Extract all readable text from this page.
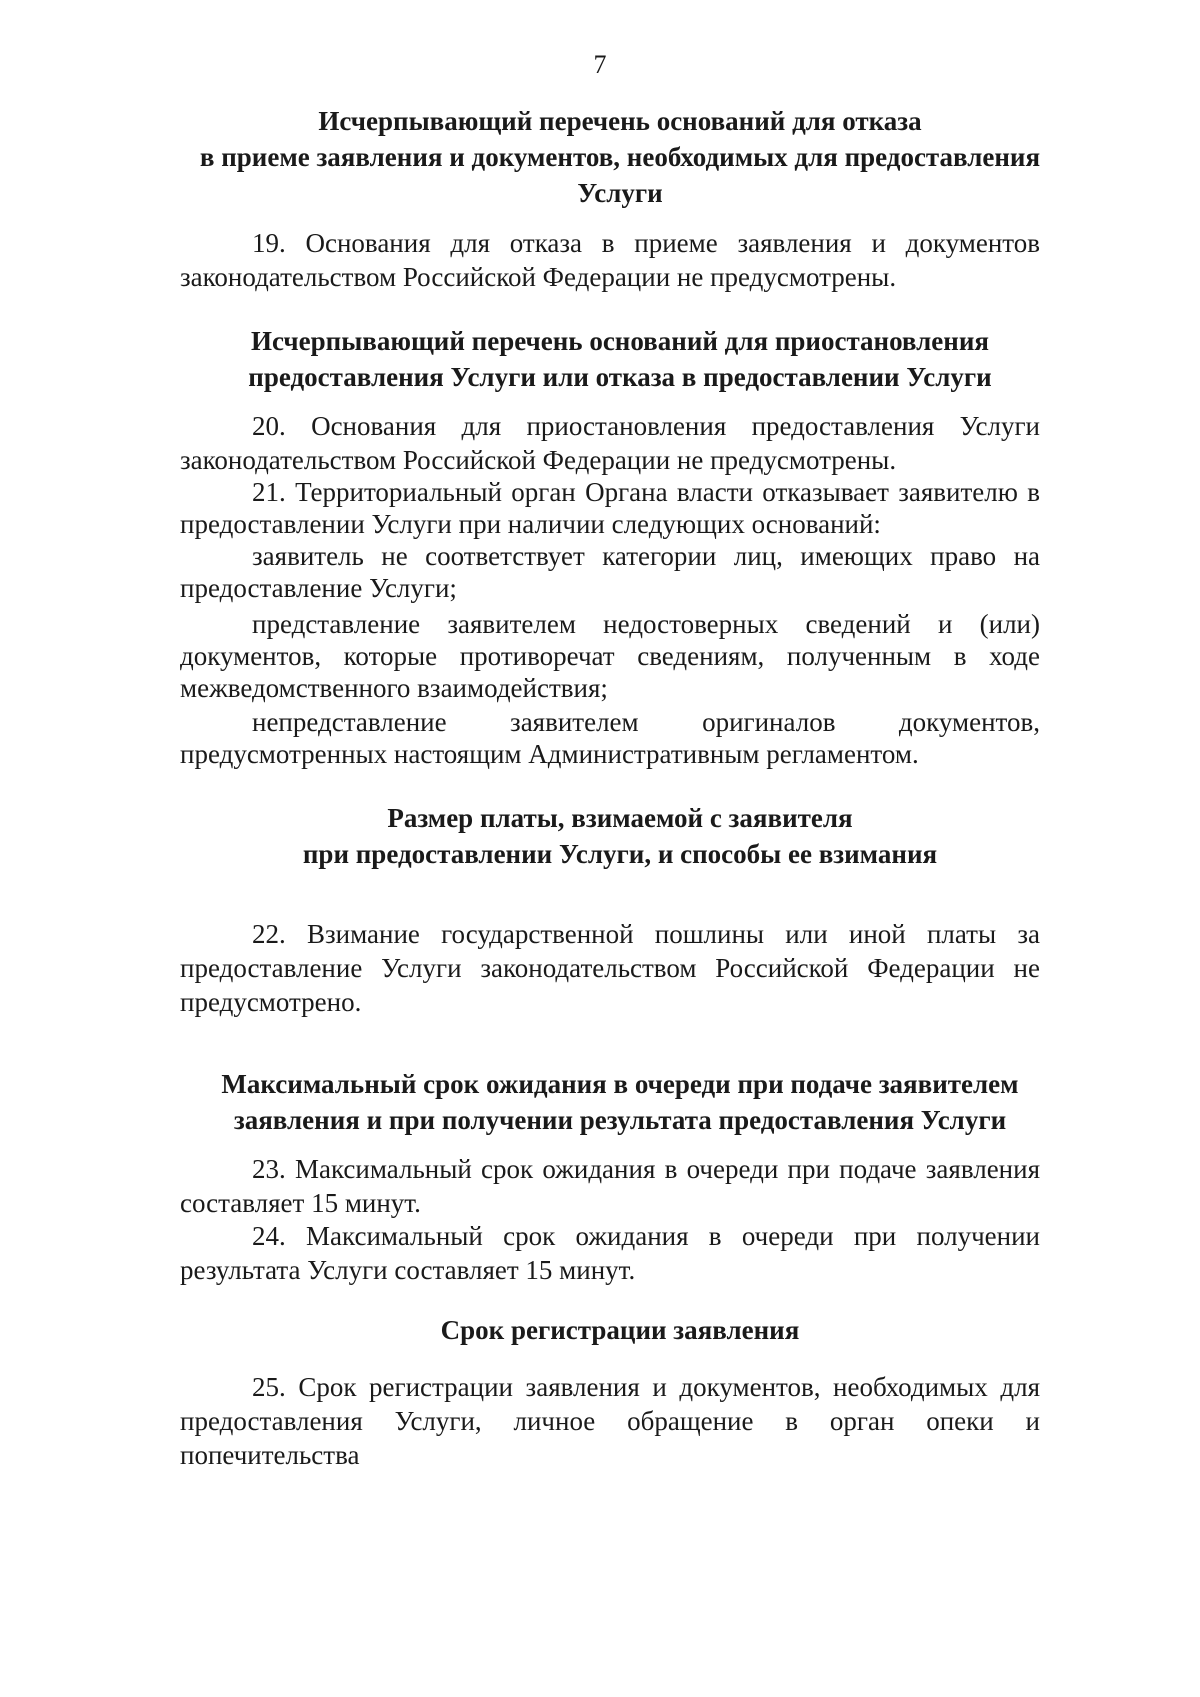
7
Исчерпывающий перечень оснований для отказа
в приеме заявления и документов, необходимых для предоставления
Услуги
19. Основания для отказа в приеме заявления и документов законодательством Российской Федерации не предусмотрены.
Исчерпывающий перечень оснований для приостановления
предоставления Услуги или отказа в предоставлении Услуги
20. Основания для приостановления предоставления Услуги законодательством Российской Федерации не предусмотрены.
21. Территориальный орган Органа власти отказывает заявителю в предоставлении Услуги при наличии следующих оснований:
заявитель не соответствует категории лиц, имеющих право на предоставление Услуги;
представление заявителем недостоверных сведений и (или) документов, которые противоречат сведениям, полученным в ходе межведомственного взаимодействия;
непредставление заявителем оригиналов документов, предусмотренных настоящим Административным регламентом.
Размер платы, взимаемой с заявителя
при предоставлении Услуги, и способы ее взимания
22. Взимание государственной пошлины или иной платы за предоставление Услуги законодательством Российской Федерации не предусмотрено.
Максимальный срок ожидания в очереди при подаче заявителем
заявления и при получении результата предоставления Услуги
23. Максимальный срок ожидания в очереди при подаче заявления составляет 15 минут.
24. Максимальный срок ожидания в очереди при получении результата Услуги составляет 15 минут.
Срок регистрации заявления
25. Срок регистрации заявления и документов, необходимых для предоставления Услуги, личное обращение в орган опеки и попечительства
